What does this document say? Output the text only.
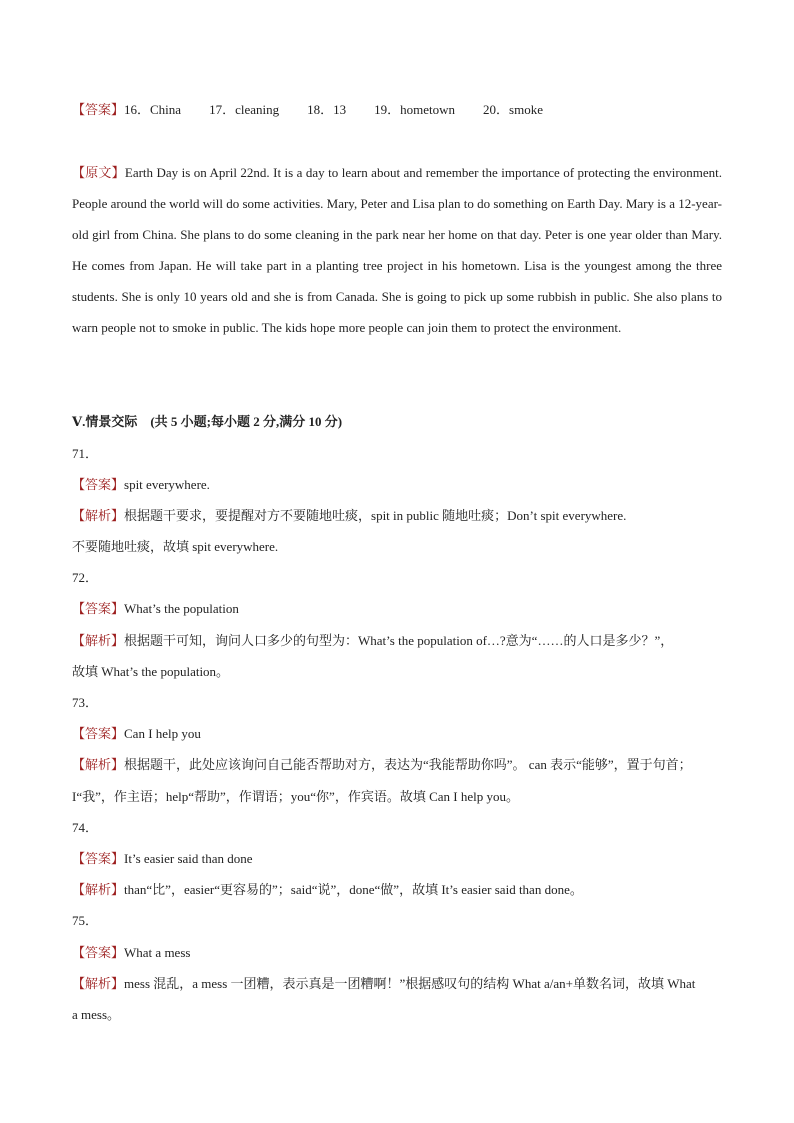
【答案】16．China 17．cleaning 18．13 19．hometown 20．smoke
【原文】Earth Day is on April 22nd. It is a day to learn about and remember the importance of protecting the environment. People around the world will do some activities. Mary, Peter and Lisa plan to do something on Earth Day. Mary is a 12-year-old girl from China. She plans to do some cleaning in the park near her home on that day. Peter is one year older than Mary. He comes from Japan. He will take part in a planting tree project in his hometown. Lisa is the youngest among the three students. She is only 10 years old and she is from Canada. She is going to pick up some rubbish in public. She also plans to warn people not to smoke in public. The kids hope more people can join them to protect the environment.
Ⅴ.情景交际 (共 5 小题;每小题 2 分,满分 10 分)
71．
【答案】spit everywhere.
【解析】根据题干要求，要提醒对方不要随地吐痰，spit in public 随地吐痰；Don’t spit everywhere.
不要随地吐痰，故填 spit everywhere.
72．
【答案】What’s the population
【解析】根据题干可知，询问人口多少的句型为：What’s the population of…?意为“……的人口是多少？”，
故填 What’s the population。
73．
【答案】Can I help you
【解析】根据题干，此处应该询问自己能否帮助对方，表达为“我能帮助你吗”。 can 表示“能够”，置于句首；
I“我”，作主语；help“帮助”，作谓语；you“你”，作宾语。故填 Can I help you。
74．
【答案】It’s easier said than done
【解析】than“比”，easier“更容易的”；said“说”，done“做”，故填 It’s easier said than done。
75．
【答案】What a mess
【解析】mess 混乱，a mess 一团糟，表示真是一团糟啊！”根据感叹句的结构 What a/an+单数名词，故填 What
a mess。
